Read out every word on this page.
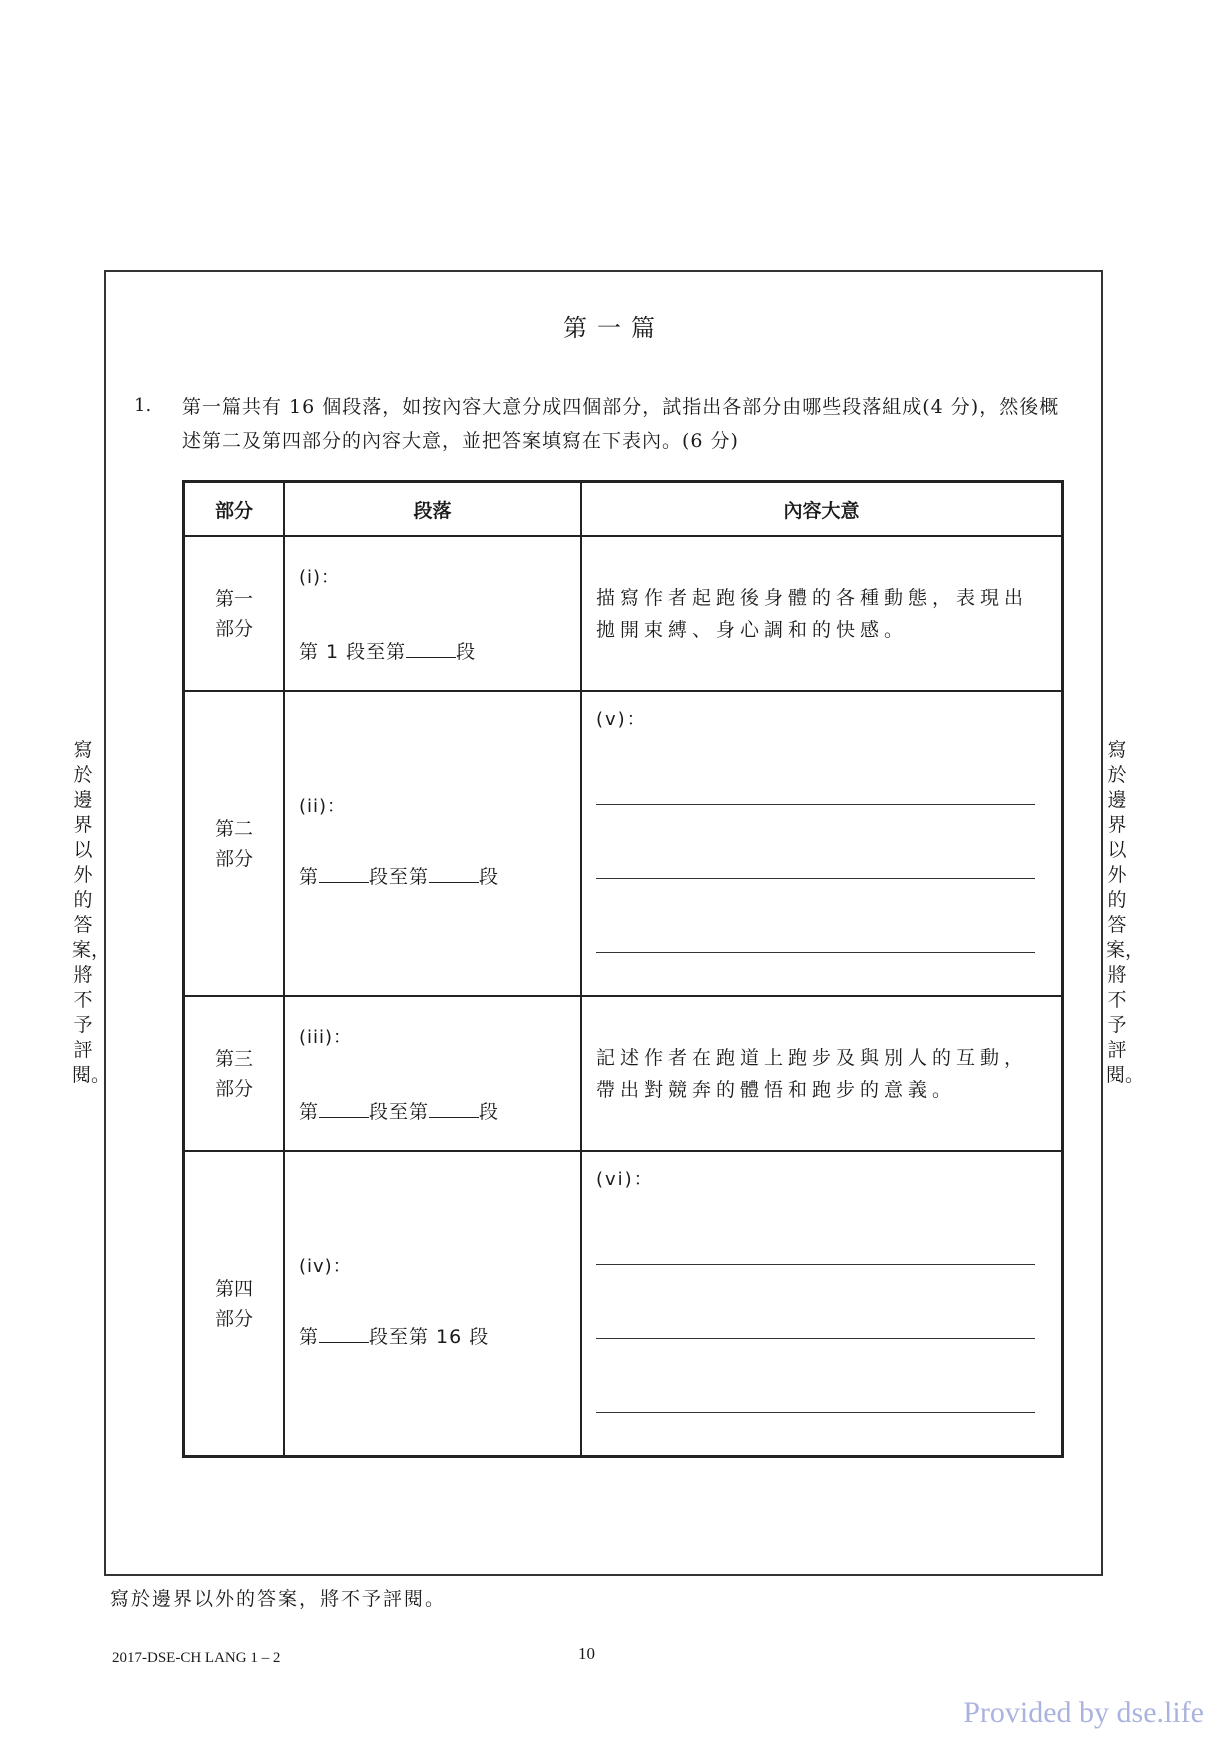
第一篇
1. 第一篇共有 16 個段落，如按內容大意分成四個部分，試指出各部分由哪些段落組成(4 分)，然後概述第二及第四部分的內容大意，並把答案填寫在下表內。(6 分)
部分	段落	內容大意

第一
部分	(i)：
第 1 段至第 段	描寫作者起跑後身體的各種動態，表現出拋開束縛、身心調和的快感。

第二
部分	(ii)：
第 段至第 段	(v)：

第三
部分	(iii)：
第 段至第 段	記述作者在跑道上跑步及與別人的互動，帶出對競奔的體悟和跑步的意義。

第四
部分	(iv)：
第 段至第 16 段	(vi)：
寫於邊界以外的答案，將不予評閱。
寫於邊界以外的答案，將不予評閱。
寫於邊界以外的答案，將不予評閱。
2017-DSE-CH LANG 1 – 2	10
Provided by dse.life
